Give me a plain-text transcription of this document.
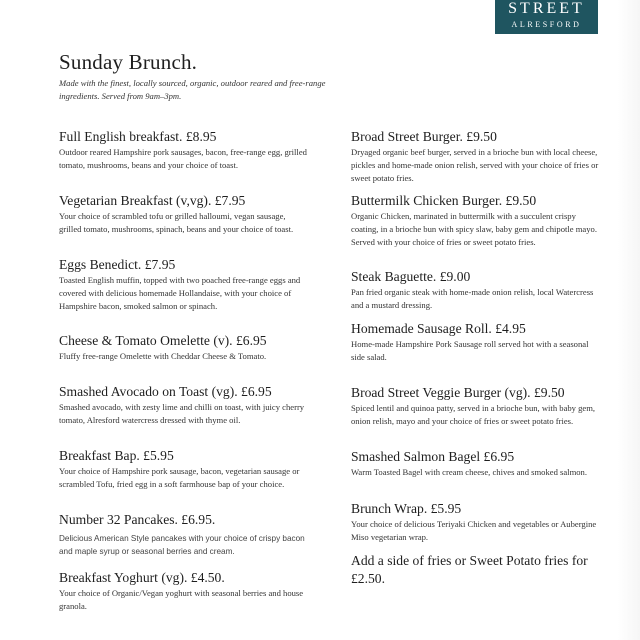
STREET
ALRESFORD
Sunday Brunch.
Made with the finest, locally sourced, organic, outdoor reared and free-range ingredients. Served from 9am–3pm.
Full English breakfast. £8.95
Outdoor reared Hampshire pork sausages, bacon, free-range egg, grilled tomato, mushrooms, beans and your choice of toast.
Vegetarian Breakfast (v,vg). £7.95
Your choice of scrambled tofu or grilled halloumi, vegan sausage, grilled tomato, mushrooms, spinach, beans and your choice of toast.
Eggs Benedict. £7.95
Toasted English muffin, topped with two poached free-range eggs and covered with delicious homemade Hollandaise, with your choice of Hampshire bacon, smoked salmon or spinach.
Cheese & Tomato Omelette (v). £6.95
Fluffy free-range Omelette with Cheddar Cheese & Tomato.
Smashed Avocado on Toast (vg). £6.95
Smashed avocado, with zesty lime and chilli on toast, with juicy cherry tomato, Alresford watercress dressed with thyme oil.
Breakfast Bap. £5.95
Your choice of Hampshire pork sausage, bacon, vegetarian sausage or scrambled Tofu, fried egg in a soft farmhouse bap of your choice.
Number 32 Pancakes. £6.95.
Delicious American Style pancakes with your choice of crispy bacon and maple syrup or seasonal berries and cream.
Breakfast Yoghurt (vg). £4.50.
Your choice of Organic/Vegan yoghurt with seasonal berries and house granola.
Broad Street Burger. £9.50
Dryaged organic beef burger, served in a brioche bun with local cheese, pickles and home-made onion relish, served with your choice of fries or sweet potato fries.
Buttermilk Chicken Burger. £9.50
Organic Chicken, marinated in buttermilk with a succulent crispy coating, in a brioche bun with spicy slaw, baby gem and chipotle mayo. Served with your choice of fries or sweet potato fries.
Steak Baguette. £9.00
Pan fried organic steak with home-made onion relish, local Watercress and a mustard dressing.
Homemade Sausage Roll. £4.95
Home-made Hampshire Pork Sausage roll served hot with a seasonal side salad.
Broad Street Veggie Burger (vg). £9.50
Spiced lentil and quinoa patty, served in a brioche bun, with baby gem, onion relish, mayo and your choice of fries or sweet potato fries.
Smashed Salmon Bagel £6.95
Warm Toasted Bagel with cream cheese, chives and smoked salmon.
Brunch Wrap. £5.95
Your choice of delicious Teriyaki Chicken and vegetables or Aubergine Miso vegetarian wrap.
Add a side of fries or Sweet Potato fries for £2.50.
